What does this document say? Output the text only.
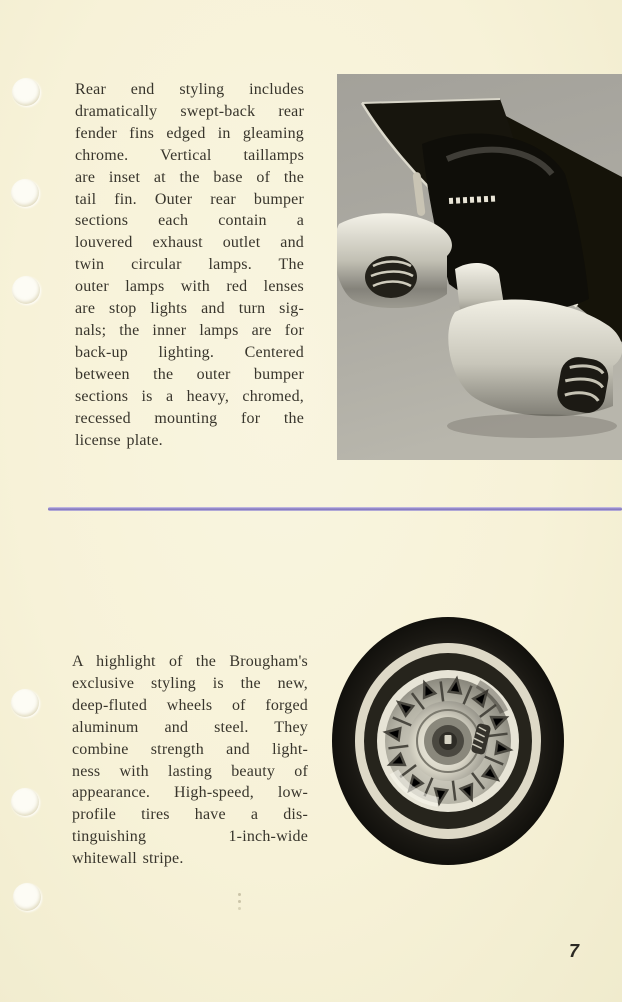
Rear end styling includes
dramatically swept-back rear
fender fins edged in gleaming
chrome. Vertical taillamps
are inset at the base of the
tail fin. Outer rear bumper
sections each contain a
louvered exhaust outlet and
twin circular lamps. The
outer lamps with red lenses
are stop lights and turn sig-
nals; the inner lamps are for
back-up lighting. Centered
between the outer bumper
sections is a heavy, chromed,
recessed mounting for the
license plate.
A highlight of the Brougham's
exclusive styling is the new,
deep-fluted wheels of forged
aluminum and steel. They
combine strength and light-
ness with lasting beauty of
appearance. High-speed, low-
profile tires have a dis-
tinguishing 1-inch-wide
whitewall stripe.
7
